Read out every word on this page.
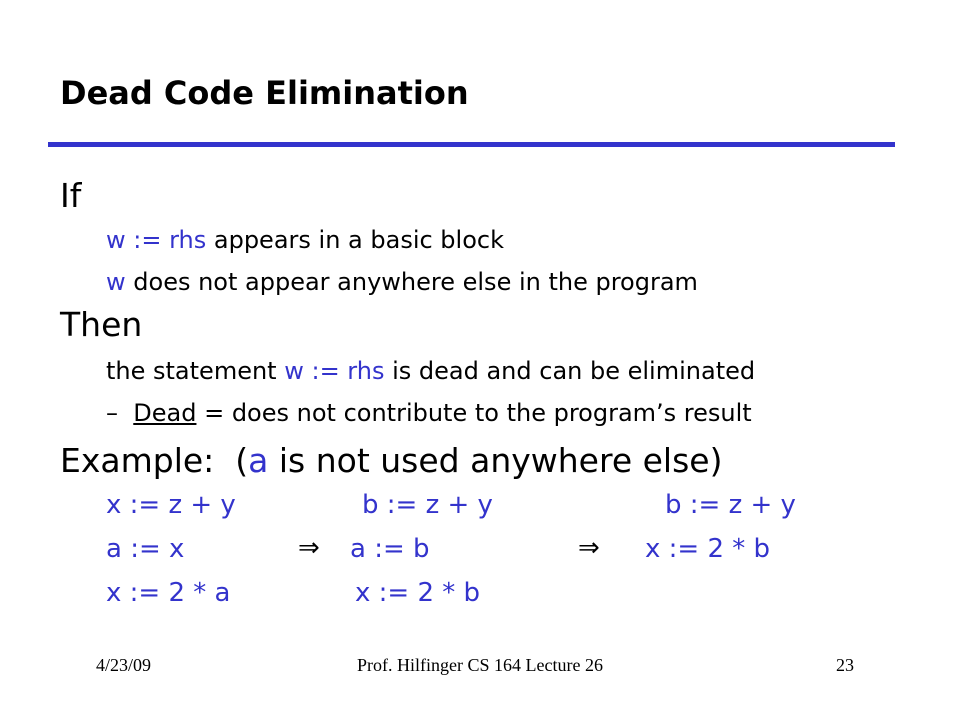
Dead Code Elimination
If
w := rhs appears in a basic block
w does not appear anywhere else in the program
Then
the statement w := rhs is dead and can be eliminated
– Dead = does not contribute to the program’s result
Example: (a is not used anywhere else)
x := z + y
a := x
x := 2 * a
⇒
b := z + y
a := b
x := 2 * b
⇒
b := z + y
x := 2 * b
4/23/09	Prof. Hilfinger CS 164 Lecture 26	23
